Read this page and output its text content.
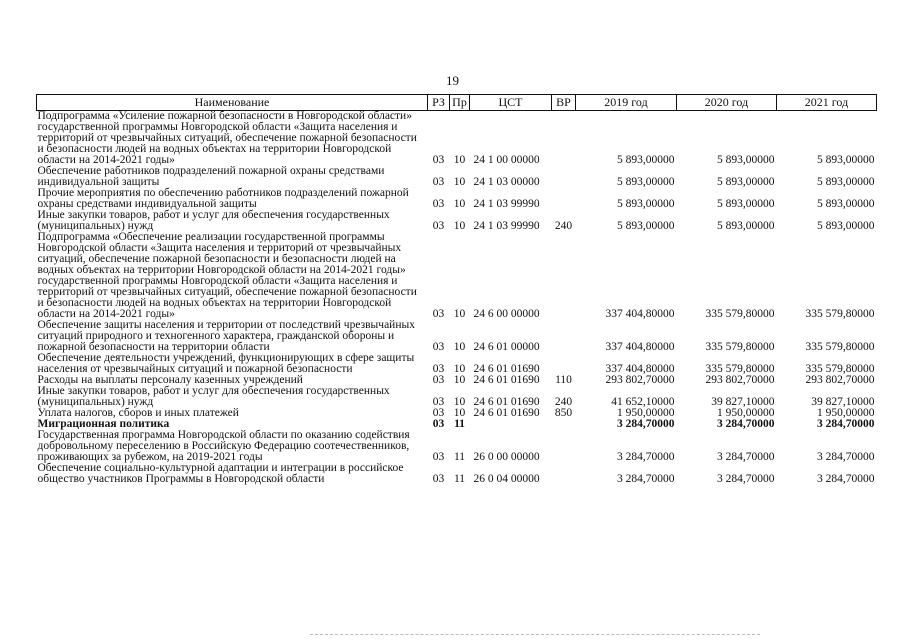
19
Наименование	РЗ	Пр	ЦСТ	ВР	2019 год	2020 год	2021 год
Подпрограмма «Усиление пожарной безопасности в Новгородской области» государственной программы Новгородской области «Защита населения и территорий от чрезвычайных ситуаций, обеспечение пожарной безопасности и безопасности людей на водных объектах на территории Новгородской области на 2014-2021 годы»	03	10	24 1 00 00000		5 893,00000	5 893,00000	5 893,00000
Обеспечение работников подразделений пожарной охраны средствами индивидуальной защиты	03	10	24 1 03 00000		5 893,00000	5 893,00000	5 893,00000
Прочие мероприятия по обеспечению работников подразделений пожарной охраны средствами индивидуальной защиты	03	10	24 1 03 99990		5 893,00000	5 893,00000	5 893,00000
Иные закупки товаров, работ и услуг для обеспечения государственных (муниципальных) нужд	03	10	24 1 03 99990	240	5 893,00000	5 893,00000	5 893,00000
Подпрограмма «Обеспечение реализации государственной программы Новгородской области «Защита населения и территорий от чрезвычайных ситуаций, обеспечение пожарной безопасности и безопасности людей на водных объектах на территории Новгородской области на 2014-2021 годы» государственной программы Новгородской области «Защита населения и территорий от чрезвычайных ситуаций, обеспечение пожарной безопасности и безопасности людей на водных объектах на территории Новгородской области на 2014-2021 годы»	03	10	24 6 00 00000		337 404,80000	335 579,80000	335 579,80000
Обеспечение защиты населения и территории от последствий чрезвычайных ситуаций природного и техногенного характера, гражданской обороны и пожарной безопасности на территории области	03	10	24 6 01 00000		337 404,80000	335 579,80000	335 579,80000
Обеспечение деятельности учреждений, функционирующих в сфере защиты населения от чрезвычайных ситуаций и пожарной безопасности	03	10	24 6 01 01690		337 404,80000	335 579,80000	335 579,80000
Расходы на выплаты персоналу казенных учреждений	03	10	24 6 01 01690	110	293 802,70000	293 802,70000	293 802,70000
Иные закупки товаров, работ и услуг для обеспечения государственных (муниципальных) нужд	03	10	24 6 01 01690	240	41 652,10000	39 827,10000	39 827,10000
Уплата налогов, сборов и иных платежей	03	10	24 6 01 01690	850	1 950,00000	1 950,00000	1 950,00000
Миграционная политика	03	11			3 284,70000	3 284,70000	3 284,70000
Государственная программа Новгородской области по оказанию содействия добровольному переселению в Российскую Федерацию соотечественников, проживающих за рубежом, на 2019-2021 годы	03	11	26 0 00 00000		3 284,70000	3 284,70000	3 284,70000
Обеспечение социально-культурной адаптации и интеграции в российское общество участников Программы в Новгородской области	03	11	26 0 04 00000		3 284,70000	3 284,70000	3 284,70000
